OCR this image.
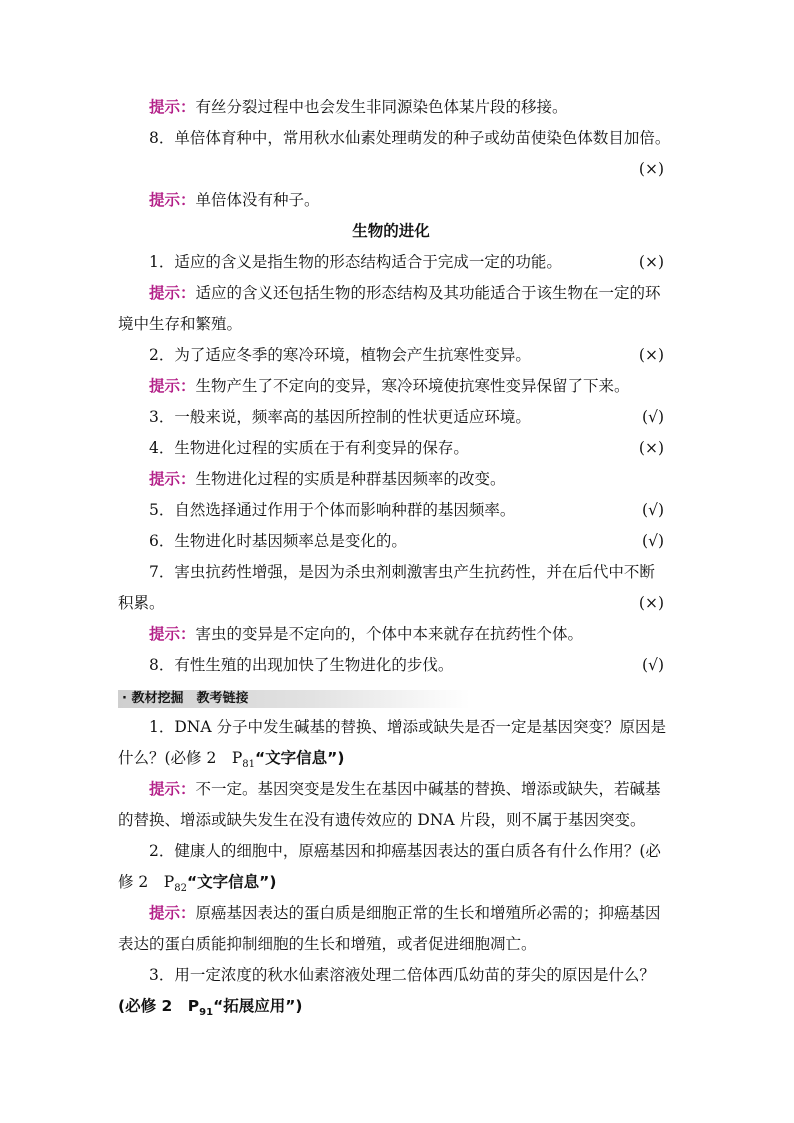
提示：有丝分裂过程中也会发生非同源染色体某片段的移接。
8．单倍体育种中，常用秋水仙素处理萌发的种子或幼苗使染色体数目加倍。
(×)
提示：单倍体没有种子。
生物的进化
1．适应的含义是指生物的形态结构适合于完成一定的功能。	(×)
提示：适应的含义还包括生物的形态结构及其功能适合于该生物在一定的环
境中生存和繁殖。
2．为了适应冬季的寒冷环境，植物会产生抗寒性变异。	(×)
提示：生物产生了不定向的变异，寒冷环境使抗寒性变异保留了下来。
3．一般来说，频率高的基因所控制的性状更适应环境。	(√)
4．生物进化过程的实质在于有利变异的保存。	(×)
提示：生物进化过程的实质是种群基因频率的改变。
5．自然选择通过作用于个体而影响种群的基因频率。	(√)
6．生物进化时基因频率总是变化的。	(√)
7．害虫抗药性增强，是因为杀虫剂刺激害虫产生抗药性，并在后代中不断
积累。	(×)
提示：害虫的变异是不定向的，个体中本来就存在抗药性个体。
8．有性生殖的出现加快了生物进化的步伐。	(√)
· 教材挖掘　教考链接
1．DNA 分子中发生碱基的替换、增添或缺失是否一定是基因突变？原因是
什么？(必修 2　$P_{81}“$文字信息”)
提示：不一定。基因突变是发生在基因中碱基的替换、增添或缺失，若碱基
的替换、增添或缺失发生在没有遗传效应的 DNA 片段，则不属于基因突变。
2．健康人的细胞中，原癌基因和抑癌基因表达的蛋白质各有什么作用？(必
修 2　$P_{82}“$文字信息”)
提示：原癌基因表达的蛋白质是细胞正常的生长和增殖所必需的；抑癌基因
表达的蛋白质能抑制细胞的生长和增殖，或者促进细胞凋亡。
3．用一定浓度的秋水仙素溶液处理二倍体西瓜幼苗的芽尖的原因是什么？
(必修 2　$P_{91}“$拓展应用”)
